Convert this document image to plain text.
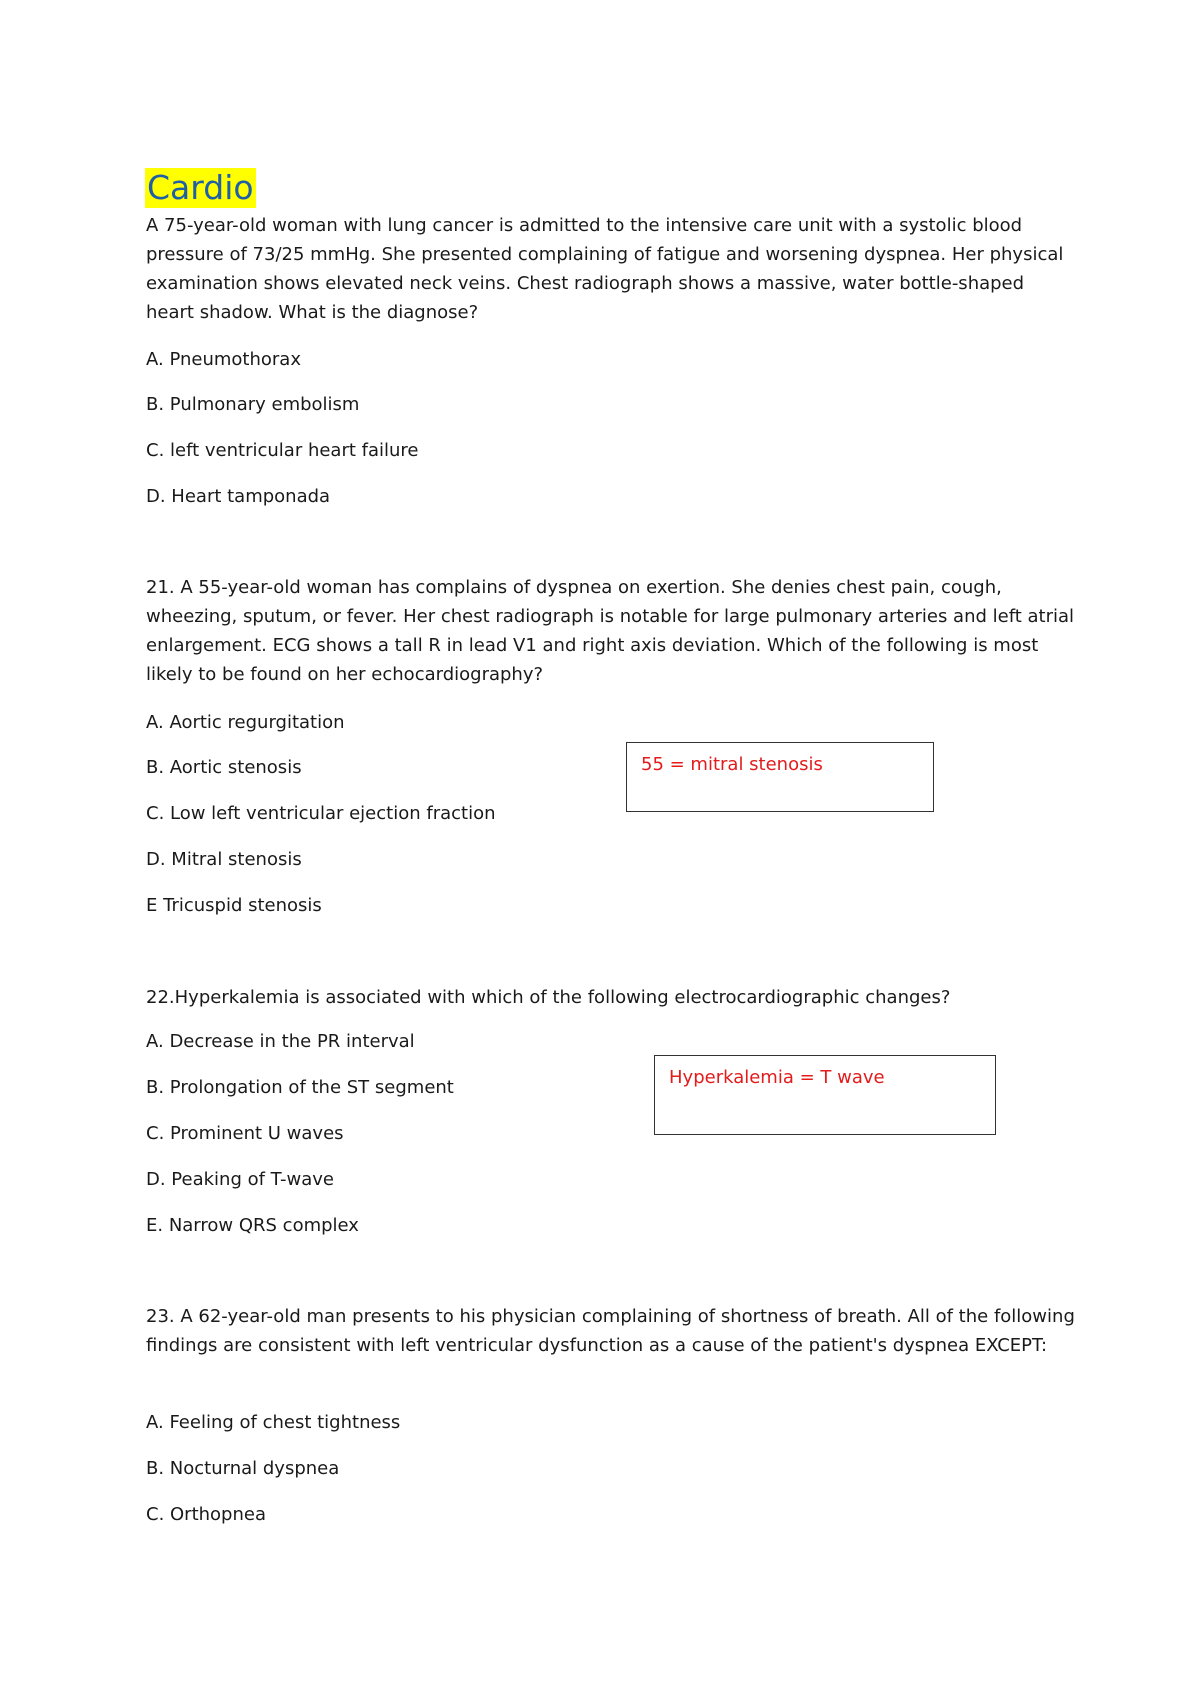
Cardio
A 75-year-old woman with lung cancer is admitted to the intensive care unit with a systolic blood pressure of 73/25 mmHg. She presented complaining of fatigue and worsening dyspnea. Her physical examination shows elevated neck veins. Chest radiograph shows a massive, water bottle-shaped heart shadow. What is the diagnose?
A. Pneumothorax
B. Pulmonary embolism
C. left ventricular heart failure
D. Heart tamponada
21. A 55-year-old woman has complains of dyspnea on exertion. She denies chest pain, cough, wheezing, sputum, or fever. Her chest radiograph is notable for large pulmonary arteries and left atrial enlargement. ECG shows a tall R in lead V1 and right axis deviation. Which of the following is most likely to be found on her echocardiography?
A. Aortic regurgitation
B. Aortic stenosis
C. Low left ventricular ejection fraction
D. Mitral stenosis
E Tricuspid stenosis
55 = mitral stenosis
22.Hyperkalemia is associated with which of the following electrocardiographic changes?
A. Decrease in the PR interval
B. Prolongation of the ST segment
C. Prominent U waves
D. Peaking of T-wave
E. Narrow QRS complex
Hyperkalemia = T wave
23. A 62-year-old man presents to his physician complaining of shortness of breath. All of the following findings are consistent with left ventricular dysfunction as a cause of the patient's dyspnea EXCEPT:
A. Feeling of chest tightness
B. Nocturnal dyspnea
C. Orthopnea
